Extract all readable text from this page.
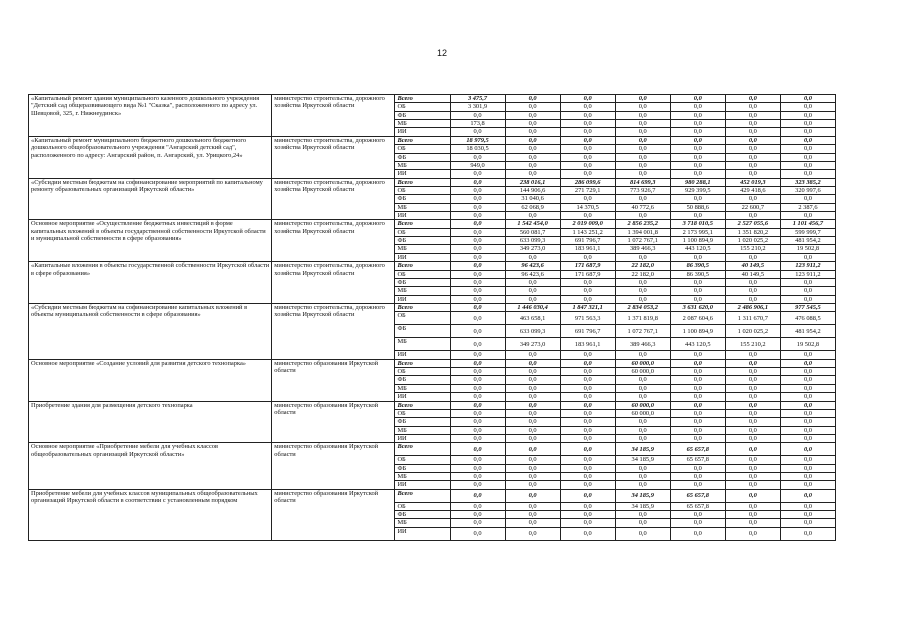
12
«Капитальный ремонт здания муниципального казенного дошкольного учреждения "Детский сад общеразвивающего вида №1 "Сказка", расположенного по адресу ул. Шевцовой, 325, г. Нижнеудинск»	министерство строительства, дорожного хозяйства Иркутской области	Всего	3 475,7	0,0	0,0	0,0	0,0	0,0	0,0
		ОБ	3 301,9	0,0	0,0	0,0	0,0	0,0	0,0
		ФБ	0,0	0,0	0,0	0,0	0,0	0,0	0,0
		МБ	173,8	0,0	0,0	0,0	0,0	0,0	0,0
		ИИ	0,0	0,0	0,0	0,0	0,0	0,0	0,0
«Капитальный ремонт муниципального бюджетного дошкольного бюджетного дошкольного общеобразовательного учреждения "Ангарский детский сад", расположенного по адресу: Ангарский район, п. Ангарский, ул. Урицкого,24»	министерство строительства, дорожного хозяйства Иркутской области	Всего	18 979,5	0,0	0,0	0,0	0,0	0,0	0,0
		ОБ	18 030,5	0,0	0,0	0,0	0,0	0,0	0,0
		ФБ	0,0	0,0	0,0	0,0	0,0	0,0	0,0
		МБ	949,0	0,0	0,0	0,0	0,0	0,0	0,0
		ИИ	0,0	0,0	0,0	0,0	0,0	0,0	0,0
«Субсидии местным бюджетам на софинансирование мероприятий по капитальному ремонту образовательных организаций Иркутской области»	министерство строительства, дорожного хозяйства Иркутской области	Всего	0,0	238 016,1	286 099,6	814 699,3	980 288,1	452 019,3	323 385,2
		ОБ	0,0	144 906,6	271 729,1	773 926,7	929 399,5	429 418,6	320 997,6
		ФБ	0,0	31 040,6	0,0	0,0	0,0	0,0	0,0
		МБ	0,0	62 068,9	14 370,5	40 772,6	50 888,6	22 600,7	2 387,6
		ИИ	0,0	0,0	0,0	0,0	0,0	0,0	0,0
Основное мероприятие «Осуществление бюджетных инвестиций в форме капитальных вложений в объекты государственной собственности Иркутской области и муниципальной собственности в сфере образования»	министерство строительства, дорожного хозяйства Иркутской области	Всего	0,0	1 542 454,0	2 019 009,0	2 856 235,2	3 718 010,5	2 527 055,6	1 101 456,7
		ОБ	0,0	560 081,7	1 143 251,2	1 394 001,8	2 173 995,1	1 351 820,2	599 999,7
		ФБ	0,0	633 099,3	691 796,7	1 072 767,1	1 100 894,9	1 020 025,2	481 954,2
		МБ	0,0	349 273,0	183 961,1	389 466,3	443 120,5	155 210,2	19 502,8
		ИИ	0,0	0,0	0,0	0,0	0,0	0,0	0,0
«Капитальные вложения в объекты государственной собственности Иркутской области в сфере образования»	министерство строительства, дорожного хозяйства Иркутской области	Всего	0,0	96 423,6	171 687,9	22 182,0	86 390,5	40 149,5	123 911,2
		ОБ	0,0	96 423,6	171 687,9	22 182,0	86 390,5	40 149,5	123 911,2
		ФБ	0,0	0,0	0,0	0,0	0,0	0,0	0,0
		МБ	0,0	0,0	0,0	0,0	0,0	0,0	0,0
		ИИ	0,0	0,0	0,0	0,0	0,0	0,0	0,0
«Субсидии местным бюджетам на софинансирование капитальных вложений в объекты муниципальной собственности в сфере образования»	министерство строительства, дорожного хозяйства Иркутской области	Всего	0,0	1 446 030,4	1 847 321,1	2 834 053,2	3 631 620,0	2 486 906,1	977 545,5
		ОБ	0,0	463 658,1	971 563,3	1 371 819,8	2 087 604,6	1 311 670,7	476 088,5
		ФБ	0,0	633 099,3	691 796,7	1 072 767,1	1 100 894,9	1 020 025,2	481 954,2
		МБ	0,0	349 273,0	183 961,1	389 466,3	443 120,5	155 210,2	19 502,8
		ИИ	0,0	0,0	0,0	0,0	0,0	0,0	0,0
Основное мероприятие «Создание условий для развития детского технопарка»	министерство образования Иркутской области	Всего	0,0	0,0	0,0	60 000,0	0,0	0,0	0,0
		ОБ	0,0	0,0	0,0	60 000,0	0,0	0,0	0,0
		ФБ	0,0	0,0	0,0	0,0	0,0	0,0	0,0
		МБ	0,0	0,0	0,0	0,0	0,0	0,0	0,0
		ИИ	0,0	0,0	0,0	0,0	0,0	0,0	0,0
Приобретение здания для размещения детского технопарка	министерство образования Иркутской области	Всего	0,0	0,0	0,0	60 000,0	0,0	0,0	0,0
		ОБ	0,0	0,0	0,0	60 000,0	0,0	0,0	0,0
		ФБ	0,0	0,0	0,0	0,0	0,0	0,0	0,0
		МБ	0,0	0,0	0,0	0,0	0,0	0,0	0,0
		ИИ	0,0	0,0	0,0	0,0	0,0	0,0	0,0
Основное мероприятие «Приобретение мебели для учебных классов общеобразовательных организаций Иркутской области»	министерство образования Иркутской области	Всего	0,0	0,0	0,0	34 185,9	65 657,8	0,0	0,0
		ОБ	0,0	0,0	0,0	34 185,9	65 657,8	0,0	0,0
		ФБ	0,0	0,0	0,0	0,0	0,0	0,0	0,0
		МБ	0,0	0,0	0,0	0,0	0,0	0,0	0,0
		ИИ	0,0	0,0	0,0	0,0	0,0	0,0	0,0
Приобретение мебели для учебных классов муниципальных общеобразовательных организаций Иркутской области в соответствии с установленным порядком	министерство образования Иркутской области	Всего	0,0	0,0	0,0	34 185,9	65 657,8	0,0	0,0
		ОБ	0,0	0,0	0,0	34 185,9	65 657,8	0,0	0,0
		ФБ	0,0	0,0	0,0	0,0	0,0	0,0	0,0
		МБ	0,0	0,0	0,0	0,0	0,0	0,0	0,0
		ИИ	0,0	0,0	0,0	0,0	0,0	0,0	0,0
